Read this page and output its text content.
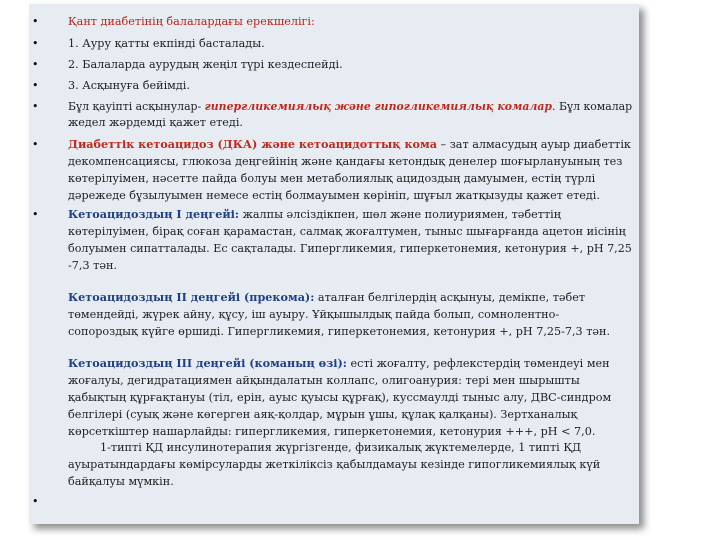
•
•
•
•
•
•
•
•
Қант диабетінің балалардағы ерекшелігі:
1. Ауру қатты екпінді басталады.
2. Балаларда аурудың жеңіл түрі кездеспейді.
3. Асқынуға бейімді.
Бұл қауіпті асқынулар- гипергликемиялық және гипогликемиялық комалар. Бұл комалар
жедел жәрдемді қажет етеді.
Диабеттік кетоацидоз (ДКА) және кетоацидоттық кома – зат алмасудың ауыр диабеттік
декомпенсациясы, глюкоза деңгейінің және қандағы кетондық денелер шоғырлануының тез
көтерілуімен, нәсетте пайда болуы мен метаболиялық ацидоздың дамуымен, естің түрлі
дәрежеде бұзылуымен немесе естің болмауымен көрініп, шұғыл жатқызуды қажет етеді.
Кетоацидоздың I деңгейі: жалпы әлсіздікпен, шөл және полиуриямен, тәбеттің
көтерілуімен, бірақ соған қарамастан, салмақ жоғалтумен, тыныс шығарғанда ацетон иісінің
болуымен сипатталады. Ес сақталады. Гипергликемия, гиперкетонемия, кетонурия +, рН 7,25
-7,3 тән.
Кетоацидоздың II деңгейі (прекома): аталған белгілердің асқынуы, демікпе, тәбет
төмендейді, жүрек айну, құсу, іш ауыру. Ұйқышылдық пайда болып, сомнолентно-
сопороздық күйге өршиді. Гипергликемия, гиперкетонемия, кетонурия +, рН 7,25-7,3 тән.
Кетоацидоздың III деңгейі (команың өзі): есті жоғалту, рефлекстердің төмендеуі мен
жоғалуы, дегидратациямен айқындалатын коллапс, олигоанурия: тері мен шырышты
қабықтың құрғақтануы (тіл, ерін, ауыс қуысы құрғақ), куссмаулді тыныс алу, ДВС-синдром
белгілері (суық және көгерген аяқ-қолдар, мұрын ұшы, құлақ қалқаны). Зертханалық
көрсеткіштер нашарлайды: гипергликемия, гиперкетонемия, кетонурия +++, рН < 7,0.
1-типті ҚД инсулинотерапия жүргізгенде, физикалық жүктемелерде, 1 типті ҚД
ауыратындардағы көмірсуларды жеткіліксіз қабылдамауы кезінде гипогликемиялық күй
байқалуы мүмкін.
